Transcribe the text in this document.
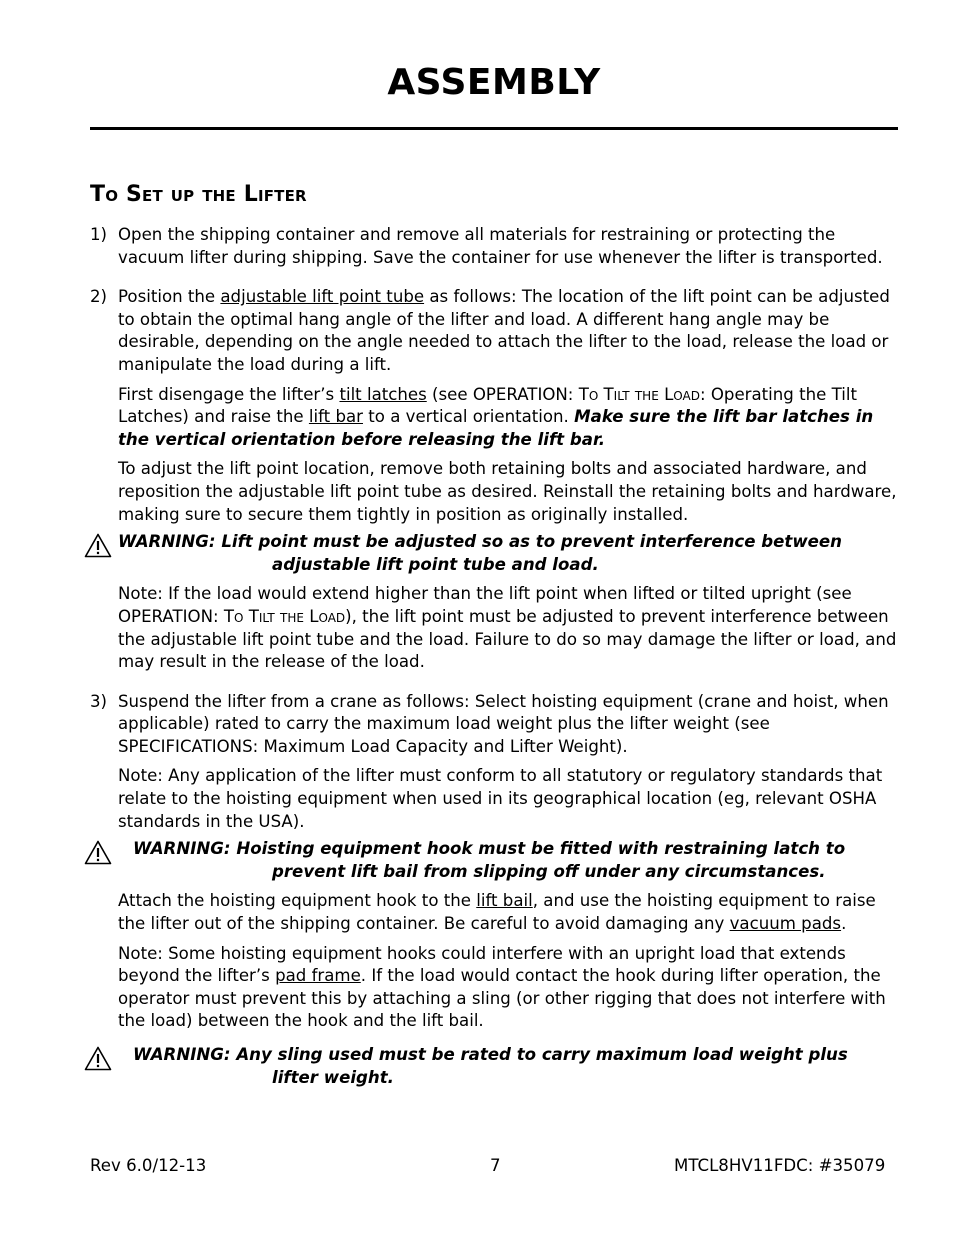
ASSEMBLY
To Set up the Lifter
1) Open the shipping container and remove all materials for restraining or protecting the vacuum lifter during shipping. Save the container for use whenever the lifter is transported.

2) Position the adjustable lift point tube as follows: The location of the lift point can be adjusted to obtain the optimal hang angle of the lifter and load. A different hang angle may be desirable, depending on the angle needed to attach the lifter to the load, release the load or manipulate the load during a lift.

First disengage the lifter’s tilt latches (see OPERATION: To Tilt the Load: Operating the Tilt Latches) and raise the lift bar to a vertical orientation. Make sure the lift bar latches in the vertical orientation before releasing the lift bar.

To adjust the lift point location, remove both retaining bolts and associated hardware, and reposition the adjustable lift point tube as desired. Reinstall the retaining bolts and hardware, making sure to secure them tightly in position as originally installed.

WARNING: Lift point must be adjusted so as to prevent interference between
adjustable lift point tube and load.

Note: If the load would extend higher than the lift point when lifted or tilted upright (see OPERATION: To Tilt the Load), the lift point must be adjusted to prevent interference between the adjustable lift point tube and the load. Failure to do so may damage the lifter or load, and may result in the release of the load.

3) Suspend the lifter from a crane as follows: Select hoisting equipment (crane and hoist, when applicable) rated to carry the maximum load weight plus the lifter weight (see SPECIFICATIONS: Maximum Load Capacity and Lifter Weight).

Note: Any application of the lifter must conform to all statutory or regulatory standards that relate to the hoisting equipment when used in its geographical location (eg, relevant OSHA standards in the USA).

WARNING: Hoisting equipment hook must be fitted with restraining latch to
prevent lift bail from slipping off under any circumstances.

Attach the hoisting equipment hook to the lift bail, and use the hoisting equipment to raise the lifter out of the shipping container. Be careful to avoid damaging any vacuum pads.

Note: Some hoisting equipment hooks could interfere with an upright load that extends beyond the lifter’s pad frame. If the load would contact the hook during lifter operation, the operator must prevent this by attaching a sling (or other rigging that does not interfere with the load) between the hook and the lift bail.

WARNING: Any sling used must be rated to carry maximum load weight plus
lifter weight.
Rev 6.0/12-13	7	MTCL8HV11FDC: #35079
